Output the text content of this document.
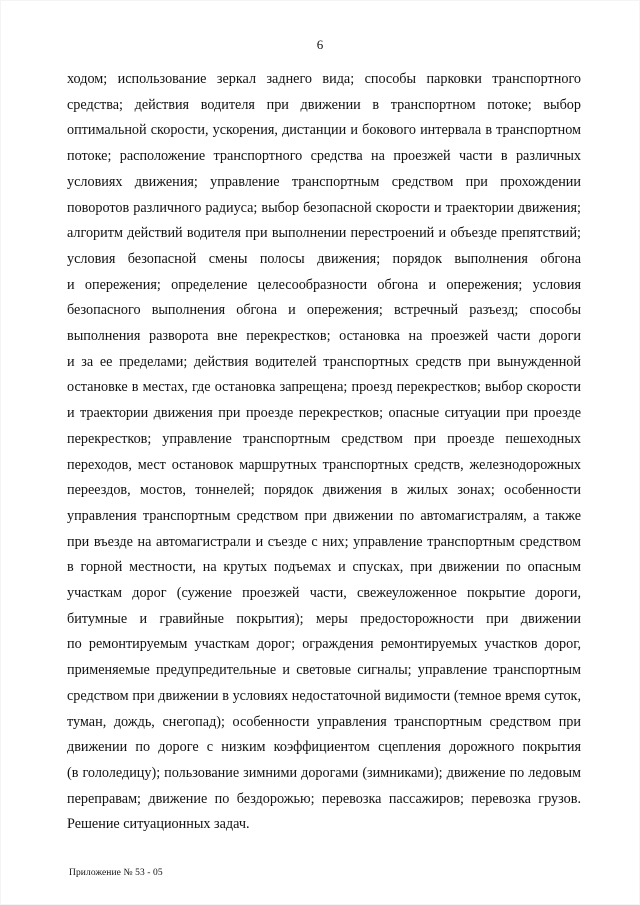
6
ходом; использование зеркал заднего вида; способы парковки транспортного
средства; действия водителя при движении в транспортном потоке; выбор
оптимальной скорости, ускорения, дистанции и бокового интервала в транспортном
потоке; расположение транспортного средства на проезжей части в различных
условиях движения; управление транспортным средством при прохождении
поворотов различного радиуса; выбор безопасной скорости и траектории движения;
алгоритм действий водителя при выполнении перестроений и объезде препятствий;
условия безопасной смены полосы движения; порядок выполнения обгона
и опережения; определение целесообразности обгона и опережения; условия
безопасного выполнения обгона и опережения; встречный разъезд; способы
выполнения разворота вне перекрестков; остановка на проезжей части дороги
и за ее пределами; действия водителей транспортных средств при вынужденной
остановке в местах, где остановка запрещена; проезд перекрестков; выбор скорости
и траектории движения при проезде перекрестков; опасные ситуации при проезде
перекрестков; управление транспортным средством при проезде пешеходных
переходов, мест остановок маршрутных транспортных средств, железнодорожных
переездов, мостов, тоннелей; порядок движения в жилых зонах; особенности
управления транспортным средством при движении по автомагистралям, а также
при въезде на автомагистрали и съезде с них; управление транспортным средством
в горной местности, на крутых подъемах и спусках, при движении по опасным
участкам дорог (сужение проезжей части, свежеуложенное покрытие дороги,
битумные и гравийные покрытия); меры предосторожности при движении
по ремонтируемым участкам дорог; ограждения ремонтируемых участков дорог,
применяемые предупредительные и световые сигналы; управление транспортным
средством при движении в условиях недостаточной видимости (темное время суток,
туман, дождь, снегопад); особенности управления транспортным средством при
движении по дороге с низким коэффициентом сцепления дорожного покрытия
(в гололедицу); пользование зимними дорогами (зимниками); движение по ледовым
переправам; движение по бездорожью; перевозка пассажиров; перевозка грузов.
Решение ситуационных задач.
Приложение № 53 - 05
